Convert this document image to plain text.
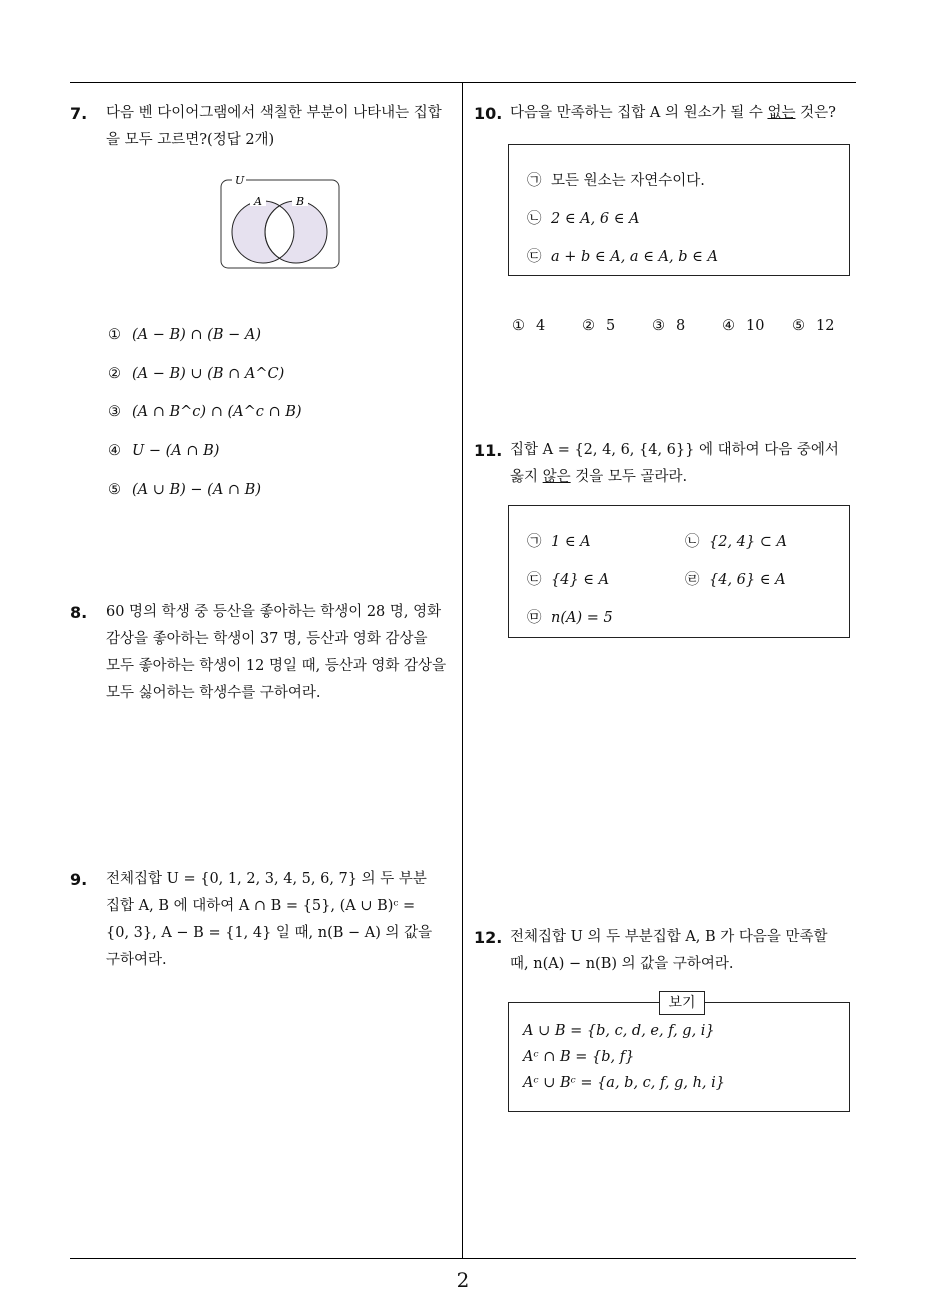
7. 다음 벤 다이어그램에서 색칠한 부분이 나타내는 집합
을 모두 고르면?(정답 2개)
U
A	B
① (A − B) ∩ (B − A)
② (A − B) ∪ (B ∩ A^C)
③ (A ∩ B^c) ∩ (A^c ∩ B)
④ U − (A ∩ B)
⑤ (A ∪ B) − (A ∩ B)
8. 60 명의 학생 중 등산을 좋아하는 학생이 28 명, 영화
감상을 좋아하는 학생이 37 명, 등산과 영화 감상을
모두 좋아하는 학생이 12 명일 때, 등산과 영화 감상을
모두 싫어하는 학생수를 구하여라.
9. 전체집합 U = {0, 1, 2, 3, 4, 5, 6, 7} 의 두 부분
집합 A, B 에 대하여 A ∩ B = {5}, (A ∪ B)ᶜ =
{0, 3}, A − B = {1, 4} 일 때, n(B − A) 의 값을
구하여라.
10. 다음을 만족하는 집합 A 의 원소가 될 수 없는 것은?
㉠ 모든 원소는 자연수이다.
㉡ 2 ∈ A, 6 ∈ A
㉢ a + b ∈ A, a ∈ A, b ∈ A
① 4	② 5	③ 8	④ 10 ⑤ 12
11. 집합 A = {2, 4, 6, {4, 6}} 에 대하여 다음 중에서
옳지 않은 것을 모두 골라라.
㉠ 1 ∈ A	㉡ {2, 4} ⊂ A
㉢ {4} ∈ A	㉣ {4, 6} ∈ A
㉤ n(A) = 5
12. 전체집합 U 의 두 부분집합 A, B 가 다음을 만족할
때, n(A) − n(B) 의 값을 구하여라.
보기
A ∪ B = {b, c, d, e, f, g, i}
Aᶜ ∩ B = {b, f}
Aᶜ ∪ Bᶜ = {a, b, c, f, g, h, i}
2
